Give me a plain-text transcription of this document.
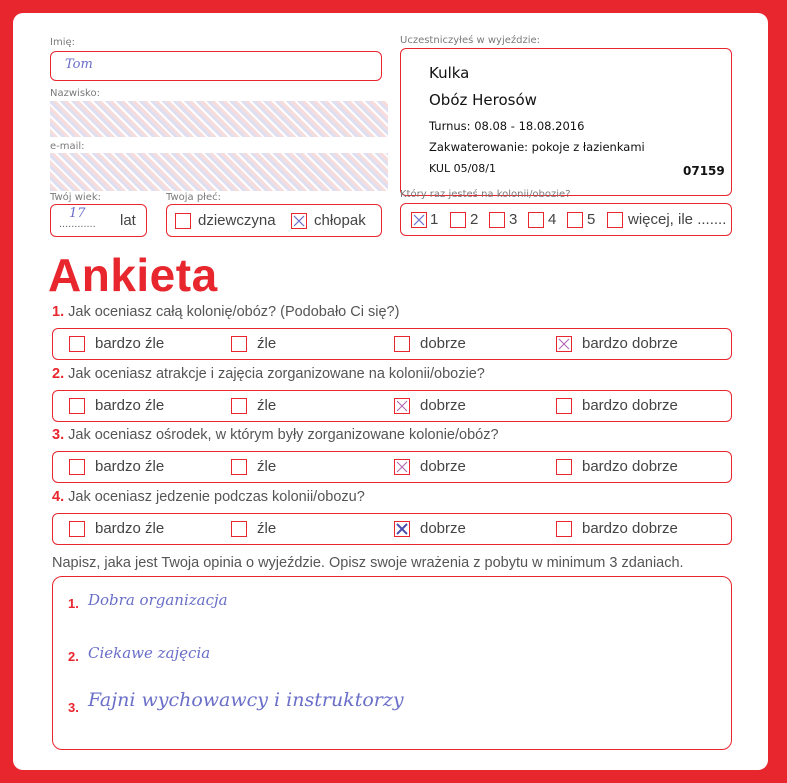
Imię:
Tom
Nazwisko:
e-mail:
Twój wiek:
............
17 lat
Twoja płeć:
dziewczyna	chłopak
Uczestniczyłeś w wyjeździe:
Kulka
Obóz Herosów
Turnus: 08.08 - 18.08.2016
Zakwaterowanie: pokoje z łazienkami
KUL 05/08/1	07159
Który raz jesteś na kolonii/obozie?
1 2 3 4 5 więcej, ile .......
Ankieta
1. Jak oceniasz całą kolonię/obóz? (Podobało Ci się?)
bardzo źle	źle	dobrze	bardzo dobrze
2. Jak oceniasz atrakcje i zajęcia zorganizowane na kolonii/obozie?
bardzo źle	źle	dobrze	bardzo dobrze
3. Jak oceniasz ośrodek, w którym były zorganizowane kolonie/obóz?
bardzo źle	źle	dobrze	bardzo dobrze
4. Jak oceniasz jedzenie podczas kolonii/obozu?
bardzo źle	źle	dobrze	bardzo dobrze
Napisz, jaka jest Twoja opinia o wyjeździe. Opisz swoje wrażenia z pobytu w minimum 3 zdaniach.
1. Dobra organizacja
2. Ciekawe zajęcia
3. Fajni wychowawcy i instruktorzy
